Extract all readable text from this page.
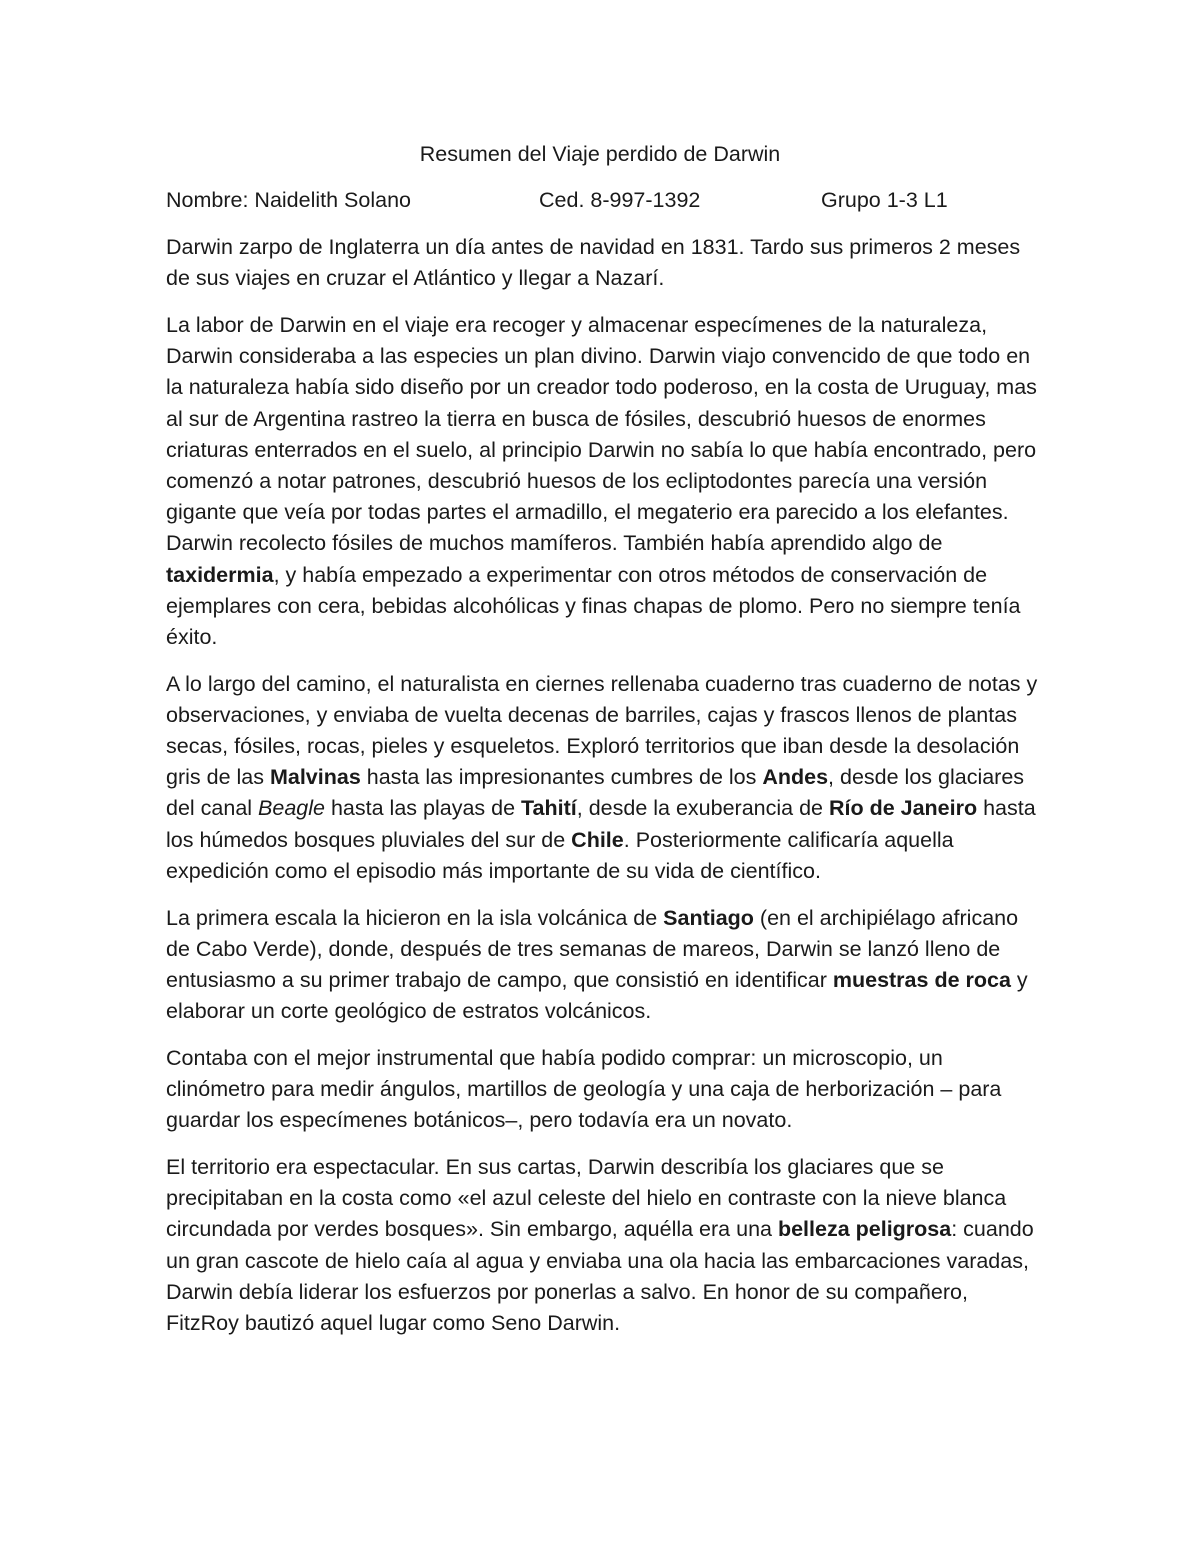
Resumen del Viaje perdido de Darwin
Nombre: Naidelith Solano	Ced. 8-997-1392	Grupo 1-3 L1

Darwin zarpo de Inglaterra un día antes de navidad en 1831. Tardo sus primeros 2 meses de sus viajes en cruzar el Atlántico y llegar a Nazarí.

La labor de Darwin en el viaje era recoger y almacenar especímenes de la naturaleza, Darwin consideraba a las especies un plan divino. Darwin viajo convencido de que todo en la naturaleza había sido diseño por un creador todo poderoso, en la costa de Uruguay, mas al sur de Argentina rastreo la tierra en busca de fósiles, descubrió huesos de enormes criaturas enterrados en el suelo, al principio Darwin no sabía lo que había encontrado, pero comenzó a notar patrones, descubrió huesos de los ecliptodontes parecía una versión gigante que veía por todas partes el armadillo, el megaterio era parecido a los elefantes. Darwin recolecto fósiles de muchos mamíferos. También había aprendido algo de taxidermia, y había empezado a experimentar con otros métodos de conservación de ejemplares con cera, bebidas alcohólicas y finas chapas de plomo. Pero no siempre tenía éxito.

A lo largo del camino, el naturalista en ciernes rellenaba cuaderno tras cuaderno de notas y observaciones, y enviaba de vuelta decenas de barriles, cajas y frascos llenos de plantas secas, fósiles, rocas, pieles y esqueletos. Exploró territorios que iban desde la desolación gris de las Malvinas hasta las impresionantes cumbres de los Andes, desde los glaciares del canal Beagle hasta las playas de Tahití, desde la exuberancia de Río de Janeiro hasta los húmedos bosques pluviales del sur de Chile. Posteriormente calificaría aquella expedición como el episodio más importante de su vida de científico.

La primera escala la hicieron en la isla volcánica de Santiago (en el archipiélago africano de Cabo Verde), donde, después de tres semanas de mareos, Darwin se lanzó lleno de entusiasmo a su primer trabajo de campo, que consistió en identificar muestras de roca y elaborar un corte geológico de estratos volcánicos.

Contaba con el mejor instrumental que había podido comprar: un microscopio, un clinómetro para medir ángulos, martillos de geología y una caja de herborización – para guardar los especímenes botánicos–, pero todavía era un novato.

El territorio era espectacular. En sus cartas, Darwin describía los glaciares que se precipitaban en la costa como «el azul celeste del hielo en contraste con la nieve blanca circundada por verdes bosques». Sin embargo, aquélla era una belleza peligrosa: cuando un gran cascote de hielo caía al agua y enviaba una ola hacia las embarcaciones varadas, Darwin debía liderar los esfuerzos por ponerlas a salvo. En honor de su compañero, FitzRoy bautizó aquel lugar como Seno Darwin.
